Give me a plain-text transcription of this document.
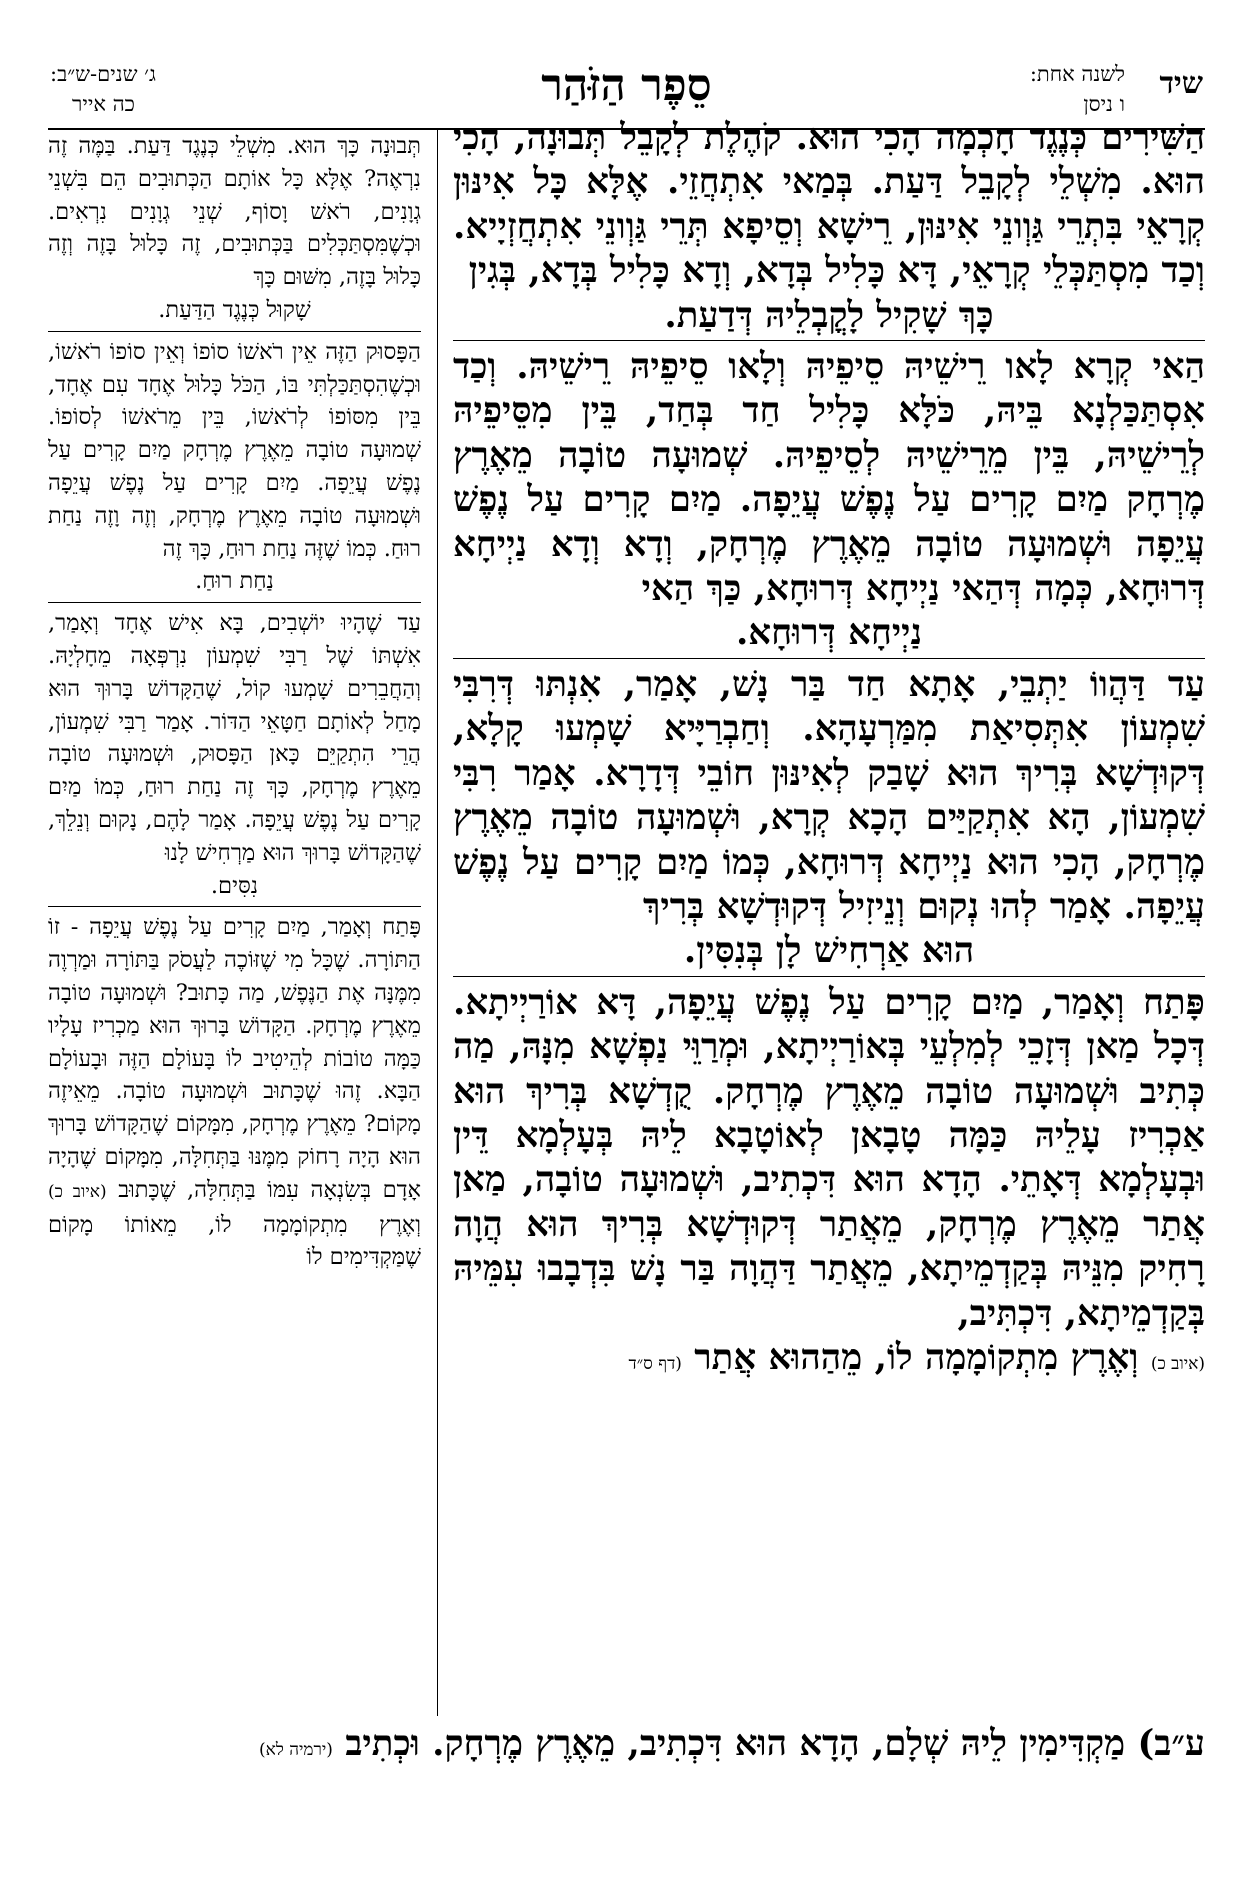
שיד
לשנה אחת:
ו ניסן
סֵפֶר הַזֹּהַר
ג׳ שנים-ש״ב:
כה אייר

הַשִּׁירִים כְּנֶגֶד חָכְמָה הָכִי הוּא. קֹהֶלֶת לְקָבֵל תְּבוּנָה, הָכִי הוּא. מִשְׁלֵי לְקָבֵל דַּעַת. בְּמַאי אִתְחֲזֵי. אֶלָּא כָּל אִינּוּן קְרָאֵי בִּתְרֵי גַּוְונֵי אִינּוּן, רֵישָׁא וְסֵיפָא תְּרֵי גַּוְונֵי אִתְחֲזְיָיא. וְכַד מִסְתַּכְּלֵי קְרָאֵי, דָּא כָּלִיל בְּדָא, וְדָא כָּלִיל בְּדָא, בְּגִין

כָּךְ שָׁקִיל לָקֳבְלֵיהּ דְּדַעַת.

הַאי קְרָא לָאו רֵישֵׁיהּ סֵיפֵיהּ וְלָאו סֵיפֵיהּ רֵישֵׁיהּ. וְכַד אִסְתַּכַּלְנָא בֵּיהּ, כֹּלָּא כָּלִיל חַד בְּחַד, בֵּין מִסֵּיפֵיהּ לְרֵישֵׁיהּ, בֵּין מֵרֵישֵׁיהּ לְסֵיפֵיהּ. שְׁמוּעָה טוֹבָה מֵאֶרֶץ מֶרְחָק מַיִם קָרִים עַל נֶפֶשׁ עֲיֵפָה. מַיִם קָרִים עַל נֶפֶשׁ עֲיֵפָה וּשְׁמוּעָה טוֹבָה מֵאֶרֶץ מֶרְחָק, וְדָא וְדָא נַיְיחָא דְּרוּחָא, כְּמָה דְּהַאי נַיְיחָא דְּרוּחָא, כַּךְ הַאי

נַיְיחָא דְּרוּחָא.

עַד דַּהֲווֹ יַתְבֵי, אָתָא חַד בַּר נָשׁ, אָמַר, אִנְתּוּ דְּרִבִּי שִׁמְעוֹן אִתְּסִיאַת מִמַּרְעָהָא. וְחַבְרַיָּיא שָׁמְעוּ קָלָא, דְּקוּדְשָׁא בְּרִיךְ הוּא שָׁבַק לְאִינּוּן חוֹבֵי דְּדָרָא. אָמַר רִבִּי שִׁמְעוֹן, הָא אִתְקַיַּים הָכָא קְרָא, וּשְׁמוּעָה טוֹבָה מֵאֶרֶץ מֶרְחָק, הָכִי הוּא נַיְיחָא דְּרוּחָא, כְּמוֹ מַיִם קָרִים עַל נֶפֶשׁ עֲיֵפָה. אָמַר לְהוּ נְקוּם וְנֵיזִיל דְּקוּדְשָׁא בְּרִיךְ

הוּא אַרְחִישׁ לָן בְּנִסִּין.

פָּתַח וְאָמַר, מַיִם קָרִים עַל נֶפֶשׁ עֲיֵפָה, דָּא אוֹרַיְיתָא. דְּכָל מַאן דְּזָכֵי לְמִלְעֵי בְּאוֹרַיְיתָא, וּמְרַוֵּי נַפְשָׁא מִנָּהּ, מַה כְּתִיב וּשְׁמוּעָה טוֹבָה מֵאֶרֶץ מֶרְחָק. קֻדְשָׁא בְּרִיךְ הוּא אַכְרִיז עָלֵיהּ כַּמָּה טָבָאן לְאוֹטָבָא לֵיהּ בְּעָלְמָא דֵּין וּבְעָלְמָא דְּאָתֵי. הָדָא הוּא דִּכְתִיב, וּשְׁמוּעָה טוֹבָה, מַאן אֲתַר מֵאֶרֶץ מֶרְחָק, מֵאֲתַר דְּקוּדְשָׁא בְּרִיךְ הוּא הֲוָה רָחִיק מִנֵּיהּ בְּקַדְמֵיתָא, מֵאֲתַר דַּהֲוָה בַּר נָשׁ בִּדְבָבוּ עִמֵּיהּ בְּקַדְמֵיתָא, דִּכְתִּיב,
(איוב כ) וְאֶרֶץ מִתְקוֹמָמָה לוֹ, מֵהַהוּא אֲתַר (דף ס״ד

תְּבוּנָה כָּךְ הוּא. מִשְׁלֵי כְּנֶגֶד דַּעַת. בַּמֶּה זֶה נִרְאֶה? אֶלָּא כָּל אוֹתָם הַכְּתוּבִים הֵם בִּשְׁנֵי גְוָנִים, רֹאשׁ וָסוֹף, שְׁנֵי גְוָנִים נִרְאִים. וּכְשֶׁמִּסְתַּכְּלִים בַּכְּתוּבִים, זֶה כָּלוּל בָּזֶה וְזֶה כָּלוּל בָּזֶה, מִשּׁוּם כָּךְ

שָׁקוּל כְּנֶגֶד הַדַּעַת.

הַפָּסוּק הַזֶּה אֵין רֹאשׁוֹ סוֹפוֹ וְאֵין סוֹפוֹ רֹאשׁוֹ, וּכְשֶׁהִסְתַּכַּלְתִּי בּוֹ, הַכֹּל כָּלוּל אֶחָד עִם אֶחָד, בֵּין מִסּוֹפוֹ לְרֹאשׁוֹ, בֵּין מֵרֹאשׁוֹ לְסוֹפוֹ. שְׁמוּעָה טוֹבָה מֵאֶרֶץ מֶרְחָק מַיִם קָרִים עַל נֶפֶשׁ עֲיֵפָה. מַיִם קָרִים עַל נֶפֶשׁ עֲיֵפָה וּשְׁמוּעָה טוֹבָה מֵאֶרֶץ מֶרְחָק, וְזֶה וָזֶה נַחַת רוּחַ. כְּמוֹ שֶׁזֶּה נַחַת רוּחַ, כָּךְ זֶה

נַחַת רוּחַ.

עַד שֶׁהָיוּ יוֹשְׁבִים, בָּא אִישׁ אֶחָד וְאָמַר, אִשְׁתּוֹ שֶׁל רַבִּי שִׁמְעוֹן נִרְפְּאָה מֵחָלְיָהּ. וְהַחֲבֵרִים שָׁמְעוּ קוֹל, שֶׁהַקָּדוֹשׁ בָּרוּךְ הוּא מָחַל לְאוֹתָם חַטָּאֵי הַדּוֹר. אָמַר רַבִּי שִׁמְעוֹן, הֲרֵי הִתְקַיֵּם כָּאן הַפָּסוּק, וּשְׁמוּעָה טוֹבָה מֵאֶרֶץ מֶרְחָק, כָּךְ זֶה נַחַת רוּחַ, כְּמוֹ מַיִם קָרִים עַל נֶפֶשׁ עֲיֵפָה. אָמַר לָהֶם, נָקוּם וְנֵלֵךְ, שֶׁהַקָּדוֹשׁ בָּרוּךְ הוּא מַרְחִישׁ לָנוּ

נִסִּים.

פָּתַח וְאָמַר, מַיִם קָרִים עַל נֶפֶשׁ עֲיֵפָה - זוֹ הַתּוֹרָה. שֶׁכָּל מִי שֶׁזּוֹכֶה לַעֲסֹק בַּתּוֹרָה וּמַרְוֶה מִמֶּנָּה אֶת הַנֶּפֶשׁ, מַה כָּתוּב? וּשְׁמוּעָה טוֹבָה מֵאֶרֶץ מֶרְחָק. הַקָּדוֹשׁ בָּרוּךְ הוּא מַכְרִיז עָלָיו כַּמָּה טוֹבוֹת לְהֵיטִיב לוֹ בָּעוֹלָם הַזֶּה וּבָעוֹלָם הַבָּא. זֶהוּ שֶׁכָּתוּב וּשְׁמוּעָה טוֹבָה. מֵאֵיזֶה מָקוֹם? מֵאֶרֶץ מֶרְחָק, מִמָּקוֹם שֶׁהַקָּדוֹשׁ בָּרוּךְ הוּא הָיָה רָחוֹק מִמֶּנּוּ בַּתְּחִלָּה, מִמָּקוֹם שֶׁהָיָה אָדָם בְּשִׂנְאָה עִמּוֹ בַּתְּחִלָּה, שֶׁכָּתוּב (איוב כ) וְאֶרֶץ מִתְקוֹמָמָה לוֹ, מֵאוֹתוֹ מָקוֹם שֶׁמַּקְדִּימִים לוֹ

ע״ב) מַקְדִּימִין לֵיהּ שְׁלָם, הָדָא הוּא דִּכְתִיב, מֵאֶרֶץ מֶרְחָק. וּכְתִיב (ירמיה לא)
